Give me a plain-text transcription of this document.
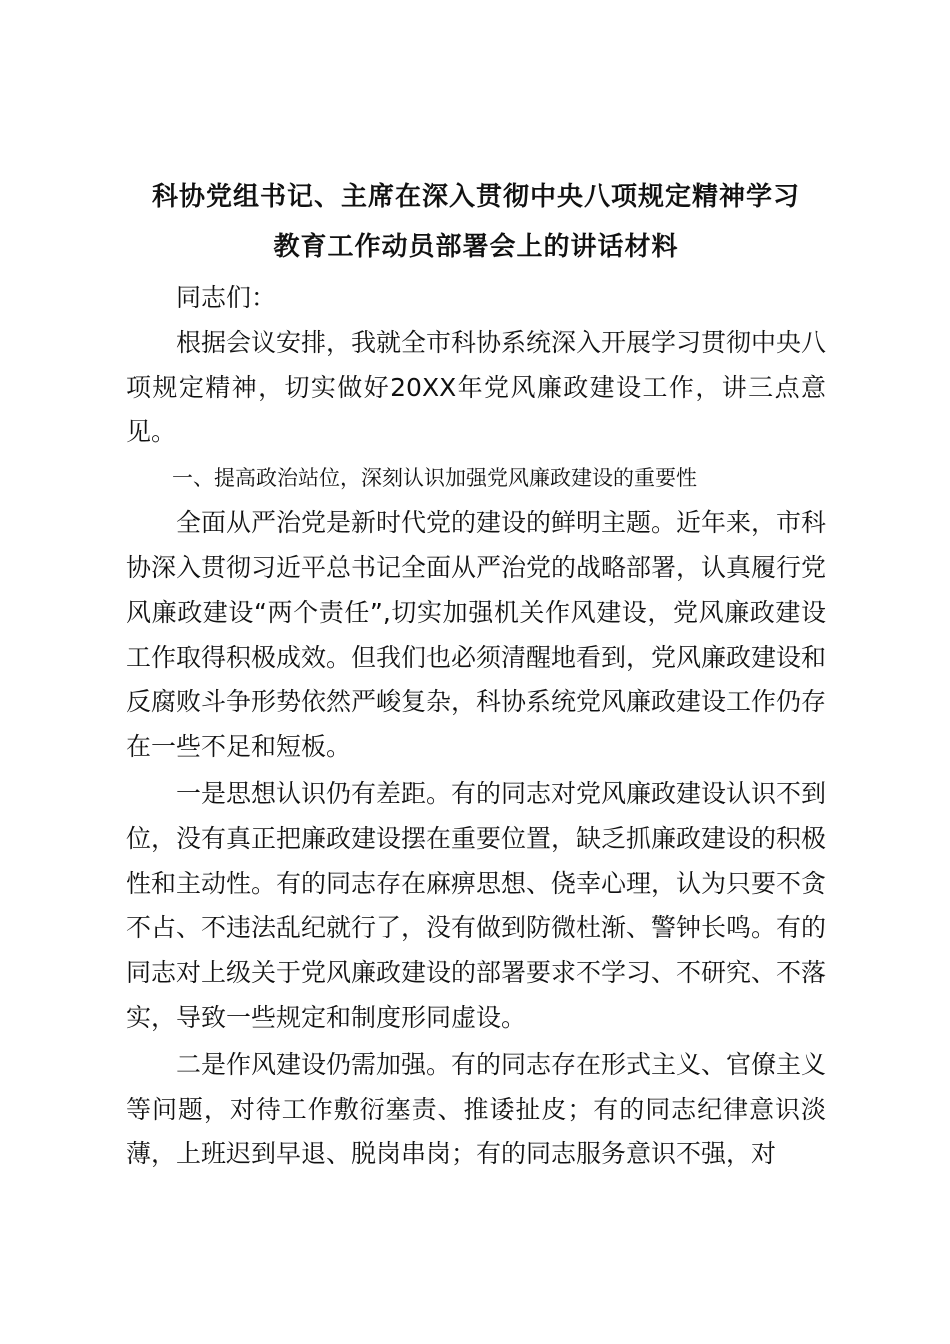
科协党组书记、主席在深入贯彻中央八项规定精神学习
教育工作动员部署会上的讲话材料

同志们：

根据会议安排，我就全市科协系统深入开展学习贯彻中央八项规定精神，切实做好20XX年党风廉政建设工作，讲三点意见。

一、提高政治站位，深刻认识加强党风廉政建设的重要性

全面从严治党是新时代党的建设的鲜明主题。近年来，市科协深入贯彻习近平总书记全面从严治党的战略部署，认真履行党风廉政建设“两个责任”,切实加强机关作风建设，党风廉政建设工作取得积极成效。但我们也必须清醒地看到，党风廉政建设和反腐败斗争形势依然严峻复杂，科协系统党风廉政建设工作仍存在一些不足和短板。

一是思想认识仍有差距。有的同志对党风廉政建设认识不到位，没有真正把廉政建设摆在重要位置，缺乏抓廉政建设的积极性和主动性。有的同志存在麻痹思想、侥幸心理，认为只要不贪不占、不违法乱纪就行了，没有做到防微杜渐、警钟长鸣。有的同志对上级关于党风廉政建设的部署要求不学习、不研究、不落实，导致一些规定和制度形同虚设。

二是作风建设仍需加强。有的同志存在形式主义、官僚主义等问题，对待工作敷衍塞责、推诿扯皮；有的同志纪律意识淡薄，上班迟到早退、脱岗串岗；有的同志服务意识不强，对
